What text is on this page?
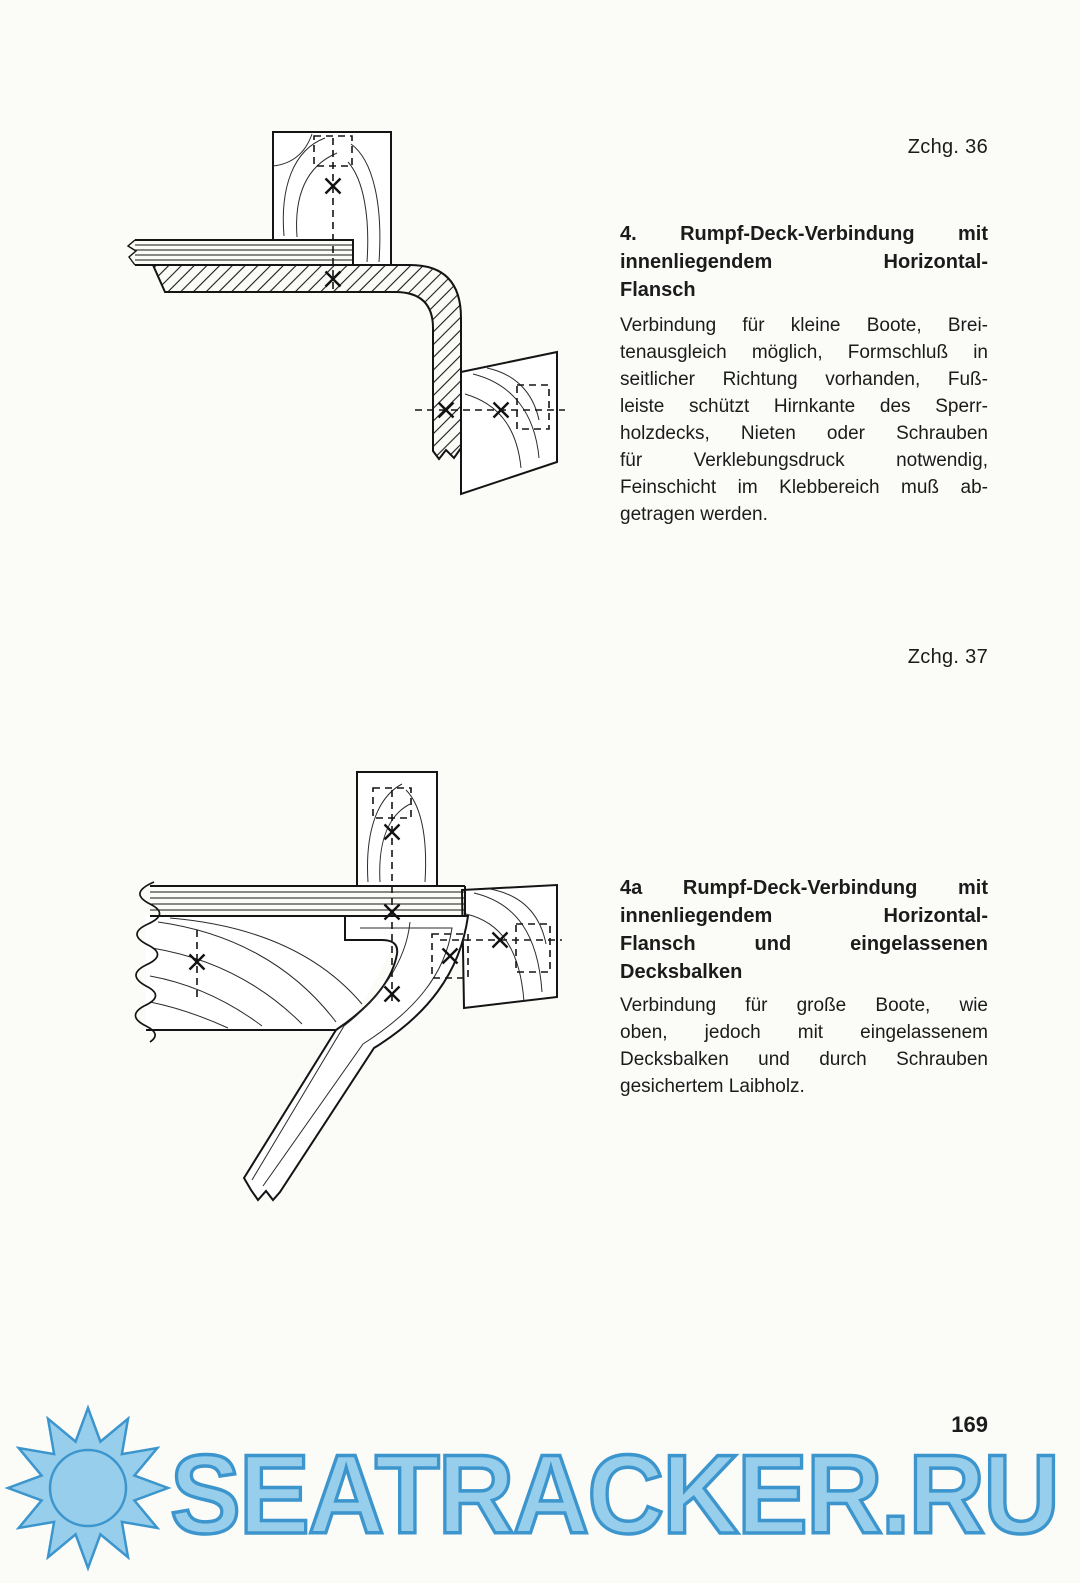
Zchg. 36
4. Rumpf-Deck-Verbindung mit
innenliegendem Horizontal-
Flansch
Verbindung für kleine Boote, Brei-
tenausgleich möglich, Formschluß in
seitlicher Richtung vorhanden, Fuß-
leiste schützt Hirnkante des Sperr-
holzdecks, Nieten oder Schrauben
für Verklebungsdruck notwendig,
Feinschicht im Klebbereich muß ab-
getragen werden.
Zchg. 37
4a Rumpf-Deck-Verbindung mit
innenliegendem Horizontal-
Flansch und eingelassenen
Decksbalken
Verbindung für große Boote, wie
oben, jedoch mit eingelassenem
Decksbalken und durch Schrauben
gesichertem Laibholz.
169
SEATRACKER.RU
